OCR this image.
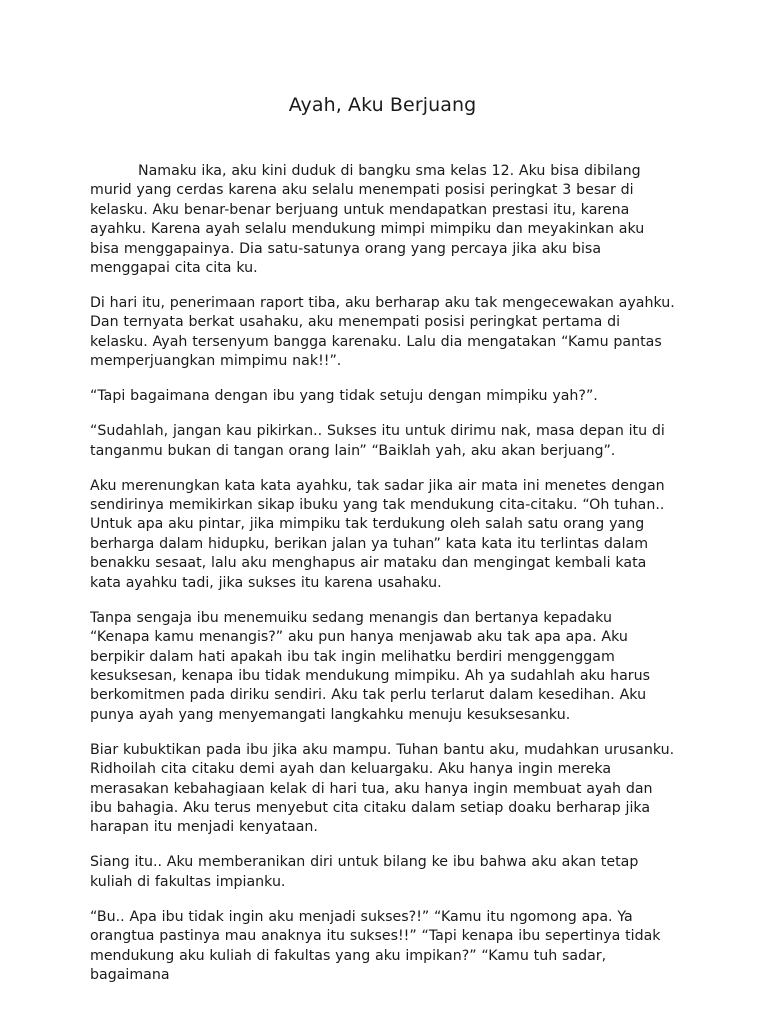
Ayah, Aku Berjuang

Namaku ika, aku kini duduk di bangku sma kelas 12. Aku bisa dibilang murid yang cerdas karena aku selalu menempati posisi peringkat 3 besar di kelasku. Aku benar-benar berjuang untuk mendapatkan prestasi itu, karena ayahku. Karena ayah selalu mendukung mimpi mimpiku dan meyakinkan aku bisa menggapainya. Dia satu-satunya orang yang percaya jika aku bisa menggapai cita cita ku.

Di hari itu, penerimaan raport tiba, aku berharap aku tak mengecewakan ayahku. Dan ternyata berkat usahaku, aku menempati posisi peringkat pertama di kelasku. Ayah tersenyum bangga karenaku. Lalu dia mengatakan “Kamu pantas memperjuangkan mimpimu nak!!”.

“Tapi bagaimana dengan ibu yang tidak setuju dengan mimpiku yah?”.

“Sudahlah, jangan kau pikirkan.. Sukses itu untuk dirimu nak, masa depan itu di tanganmu bukan di tangan orang lain” “Baiklah yah, aku akan berjuang”.

Aku merenungkan kata kata ayahku, tak sadar jika air mata ini menetes dengan sendirinya memikirkan sikap ibuku yang tak mendukung cita-citaku. “Oh tuhan.. Untuk apa aku pintar, jika mimpiku tak terdukung oleh salah satu orang yang berharga dalam hidupku, berikan jalan ya tuhan” kata kata itu terlintas dalam benakku sesaat, lalu aku menghapus air mataku dan mengingat kembali kata kata ayahku tadi, jika sukses itu karena usahaku.

Tanpa sengaja ibu menemuiku sedang menangis dan bertanya kepadaku “Kenapa kamu menangis?” aku pun hanya menjawab aku tak apa apa. Aku berpikir dalam hati apakah ibu tak ingin melihatku berdiri menggenggam kesuksesan, kenapa ibu tidak mendukung mimpiku. Ah ya sudahlah aku harus berkomitmen pada diriku sendiri. Aku tak perlu terlarut dalam kesedihan. Aku punya ayah yang menyemangati langkahku menuju kesuksesanku.

Biar kubuktikan pada ibu jika aku mampu. Tuhan bantu aku, mudahkan urusanku. Ridhoilah cita citaku demi ayah dan keluargaku. Aku hanya ingin mereka merasakan kebahagiaan kelak di hari tua, aku hanya ingin membuat ayah dan ibu bahagia. Aku terus menyebut cita citaku dalam setiap doaku berharap jika harapan itu menjadi kenyataan.

Siang itu.. Aku memberanikan diri untuk bilang ke ibu bahwa aku akan tetap kuliah di fakultas impianku.

“Bu.. Apa ibu tidak ingin aku menjadi sukses?!” “Kamu itu ngomong apa. Ya orangtua pastinya mau anaknya itu sukses!!” “Tapi kenapa ibu sepertinya tidak mendukung aku kuliah di fakultas yang aku impikan?” “Kamu tuh sadar, bagaimana
